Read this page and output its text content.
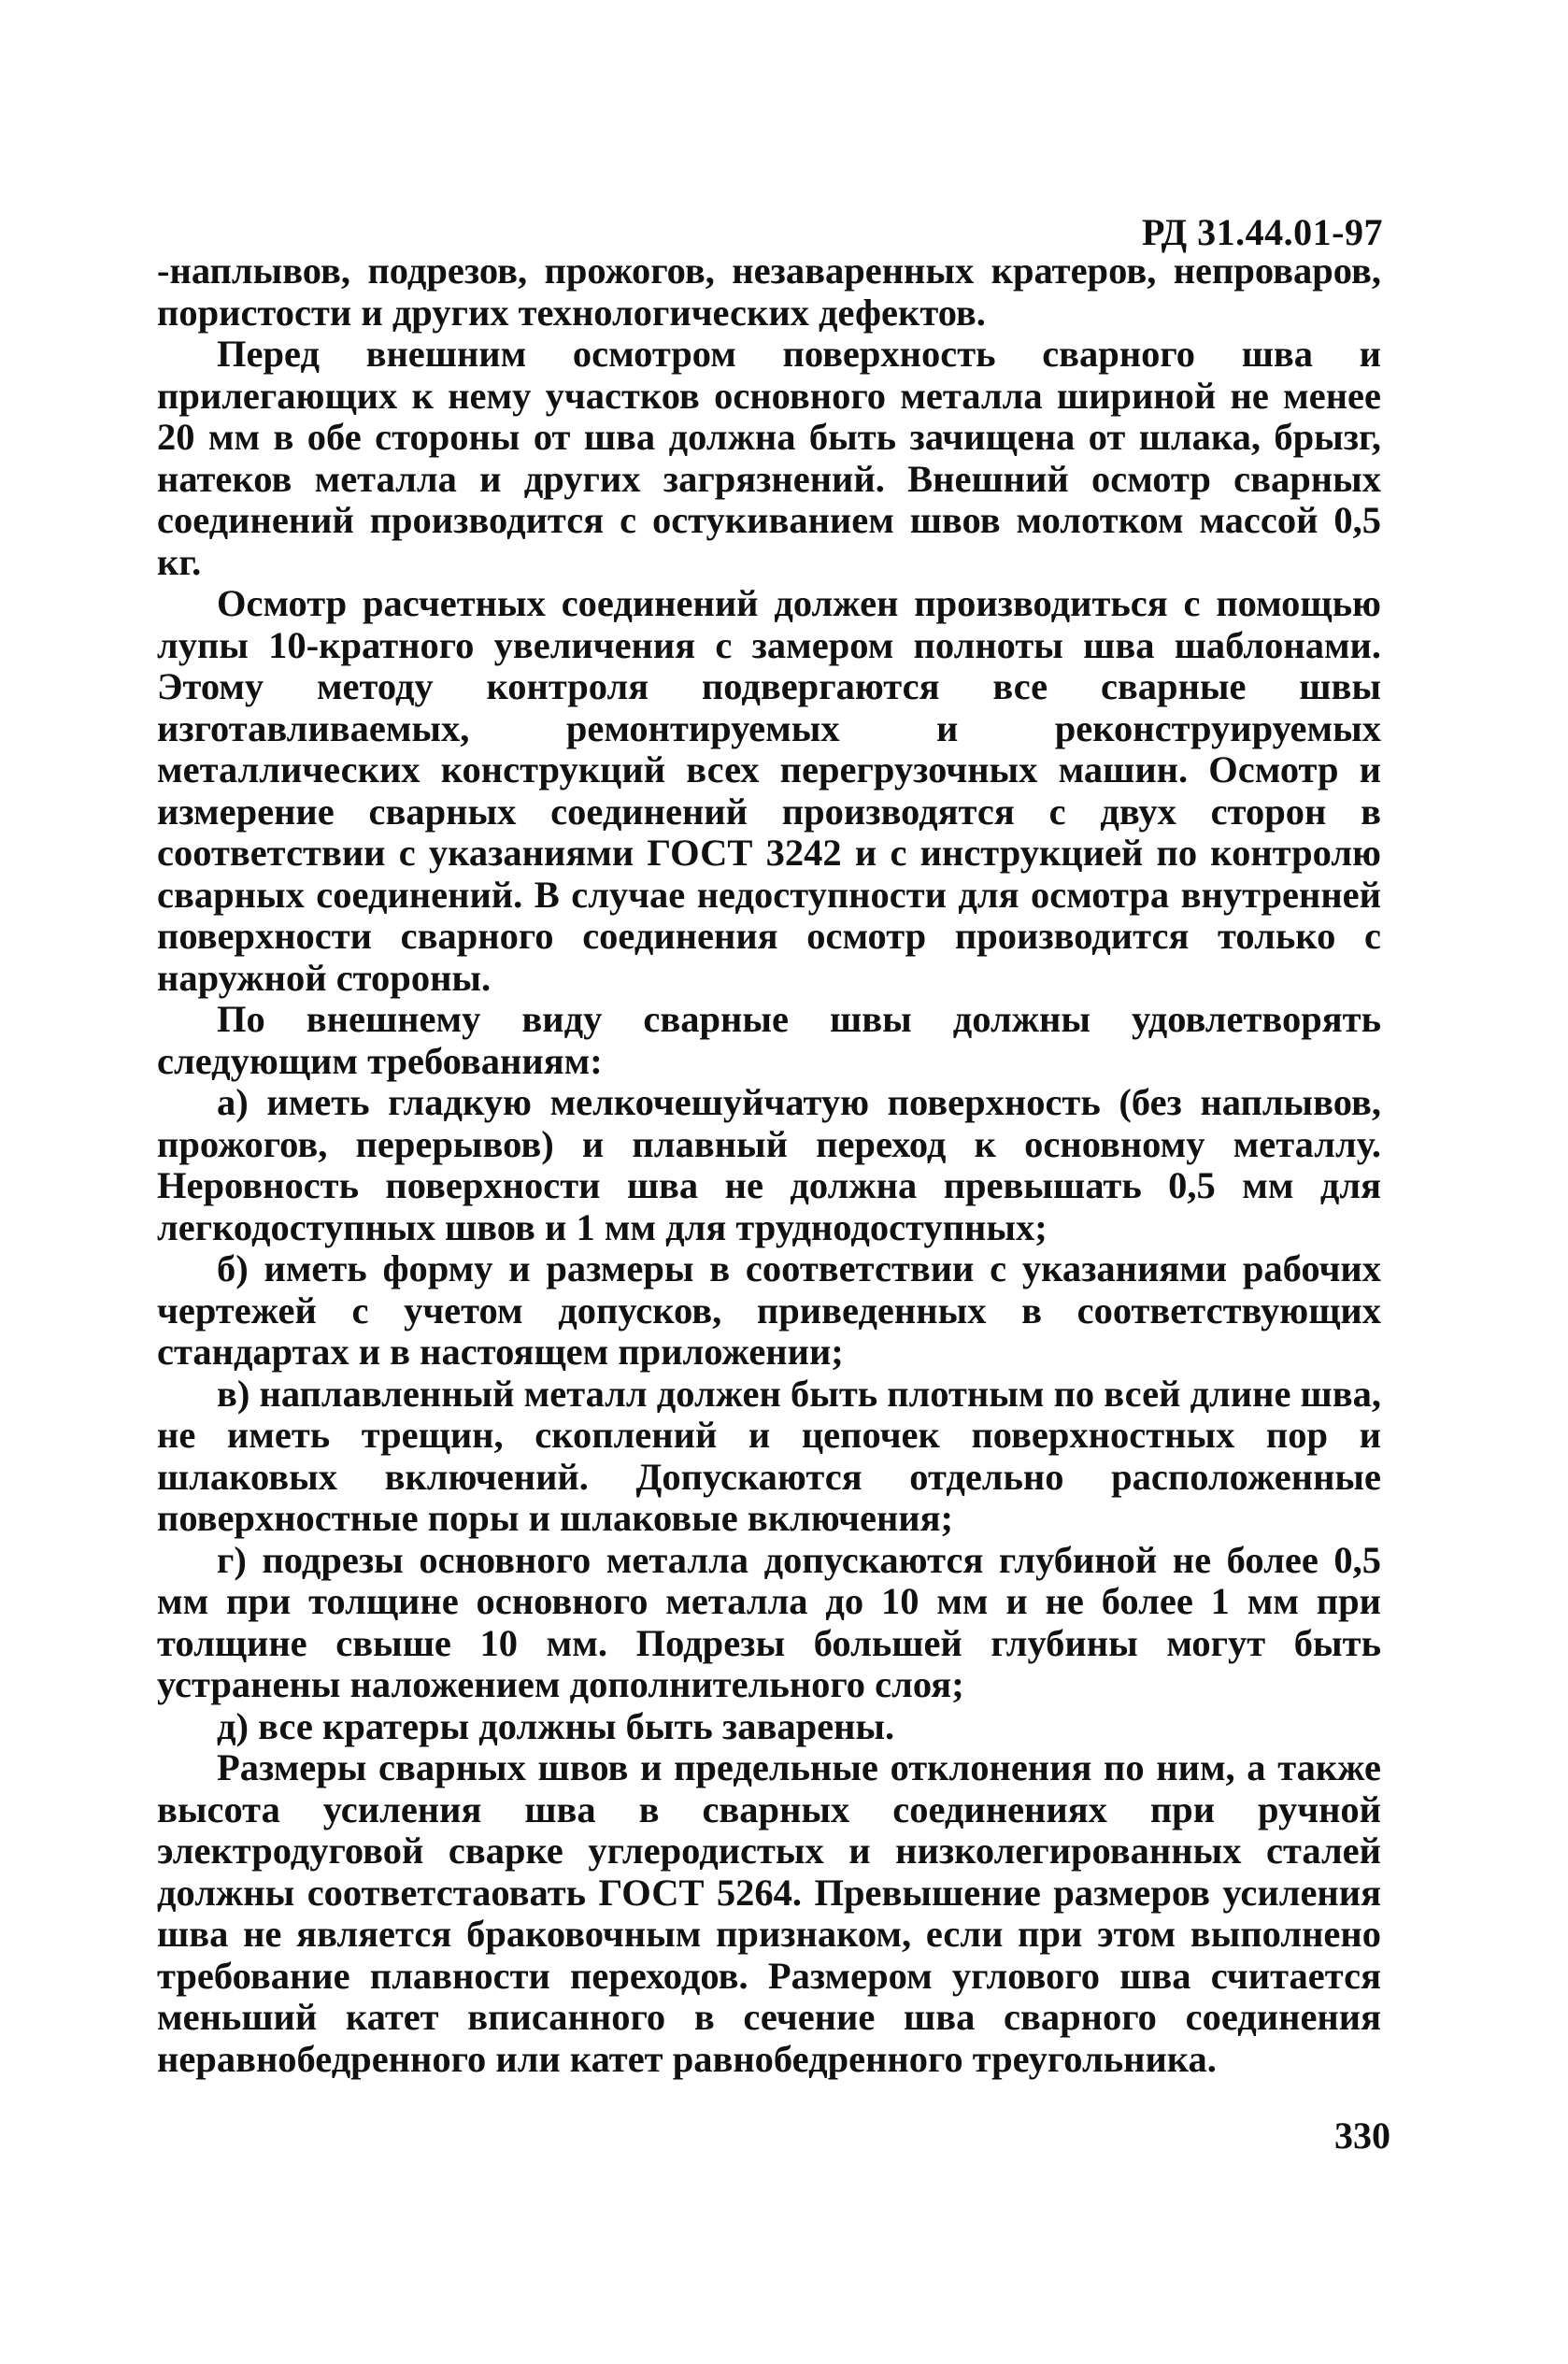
РД 31.44.01-97

-наплывов, подрезов, прожогов, незаваренных кратеров, непроваров, пористости и других технологических дефектов.

Перед внешним осмотром поверхность сварного шва и прилегающих к нему участков основного металла шириной не менее 20 мм в обе стороны от шва должна быть зачищена от шлака, брызг, натеков металла и других загрязнений. Внешний осмотр сварных соединений производится с остукиванием швов молотком массой 0,5 кг.

Осмотр расчетных соединений должен производиться с помощью лупы 10-кратного увеличения с замером полноты шва шаблонами. Этому методу контроля подвергаются все сварные швы изготавливаемых, ремонтируемых и реконструируемых металлических конструкций всех перегрузочных машин. Осмотр и измерение сварных соединений производятся с двух сторон в соответствии с указаниями ГОСТ 3242 и с инструкцией по контролю сварных соединений. В случае недоступности для осмотра внутренней поверхности сварного соединения осмотр производится только с наружной стороны.

По внешнему виду сварные швы должны удовлетворять следующим требованиям:

а) иметь гладкую мелкочешуйчатую поверхность (без наплывов, прожогов, перерывов) и плавный переход к основному металлу. Неровность поверхности шва не должна превышать 0,5 мм для легкодоступных швов и 1 мм для труднодоступных;

б) иметь форму и размеры в соответствии с указаниями рабочих чертежей с учетом допусков, приведенных в соответствующих стандартах и в настоящем приложении;

в) наплавленный металл должен быть плотным по всей длине шва, не иметь трещин, скоплений и цепочек поверхностных пор и шлаковых включений. Допускаются отдельно расположенные поверхностные поры и шлаковые включения;

г) подрезы основного металла допускаются глубиной не более 0,5 мм при толщине основного металла до 10 мм и не более 1 мм при толщине свыше 10 мм. Подрезы большей глубины могут быть устранены наложением дополнительного слоя;

д) все кратеры должны быть заварены.

Размеры сварных швов и предельные отклонения по ним, а также высота усиления шва в сварных соединениях при ручной электродуговой сварке углеродистых и низколегированных сталей должны соответстаовать ГОСТ 5264. Превышение размеров усиления шва не является браковочным признаком, если при этом выполнено требование плавности переходов. Размером углового шва считается меньший катет вписанного в сечение шва сварного соединения неравнобедренного или катет равнобедренного треугольника.

330
